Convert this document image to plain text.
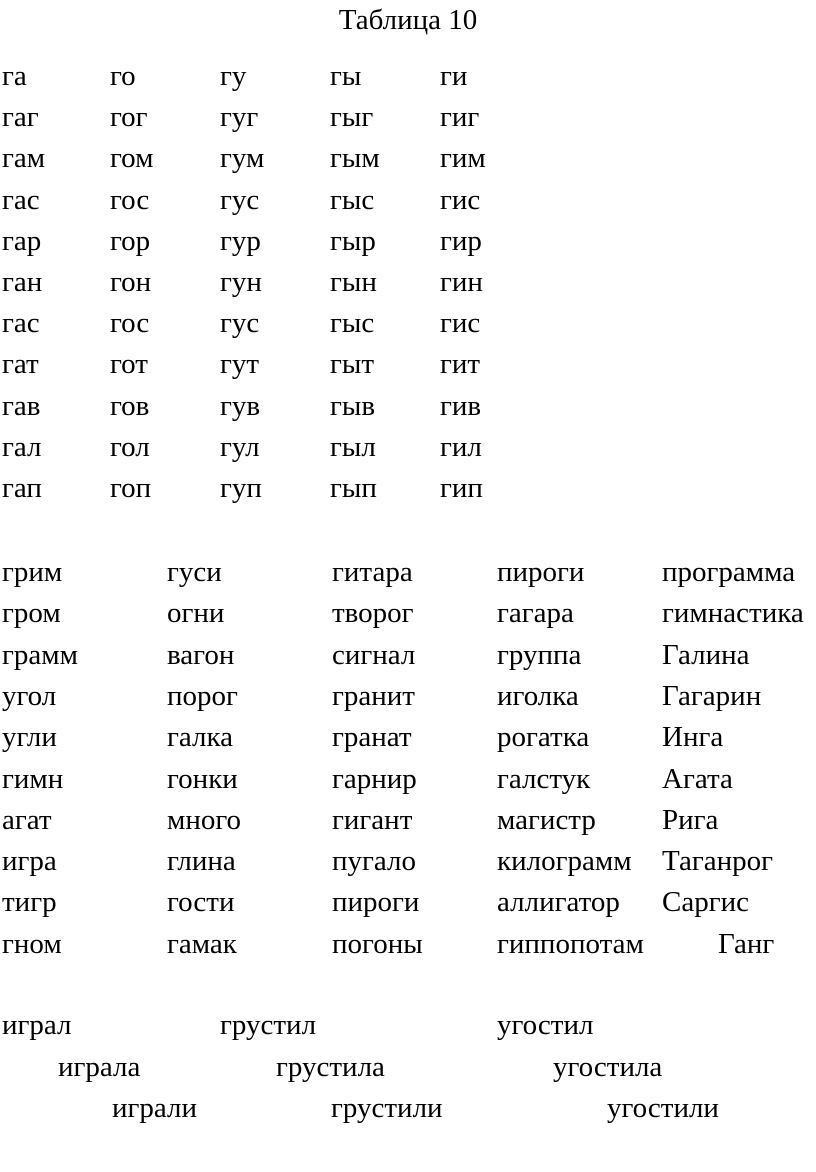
Таблица 10
га	го	гу	гы	ги
гаг гог гуг гыг гиг
гам гом гум гым гим
гас гос гус гыс гис
гар гор гур гыр гир
ган гон гун гын гин
гас гос гус гыс гис
гат гот гут гыт гит
гав гов гув гыв гив
гал гол гул гыл гил
гап гоп гуп гып гип
грим	гуси	гитара	пироги	программа
гром	огни	творог	гагара	гимнастика
грамм	вагон	сигнал	группа	Галина
угол	порог	гранит	иголка	Гагарин
угли	галка	гранат	рогатка	Инга
гимн	гонки	гарнир	галстук Агата
агат	много	гигант	магистр Рига
игра	глина	пугало	килограмм Таганрог
тигр	гости	пироги	аллигатор Саргис
гном	гамак	погоны	гиппопотам	Ганг
играл	грустил	угостил
играла	грустила	угостила
играли	грустили	угостили
